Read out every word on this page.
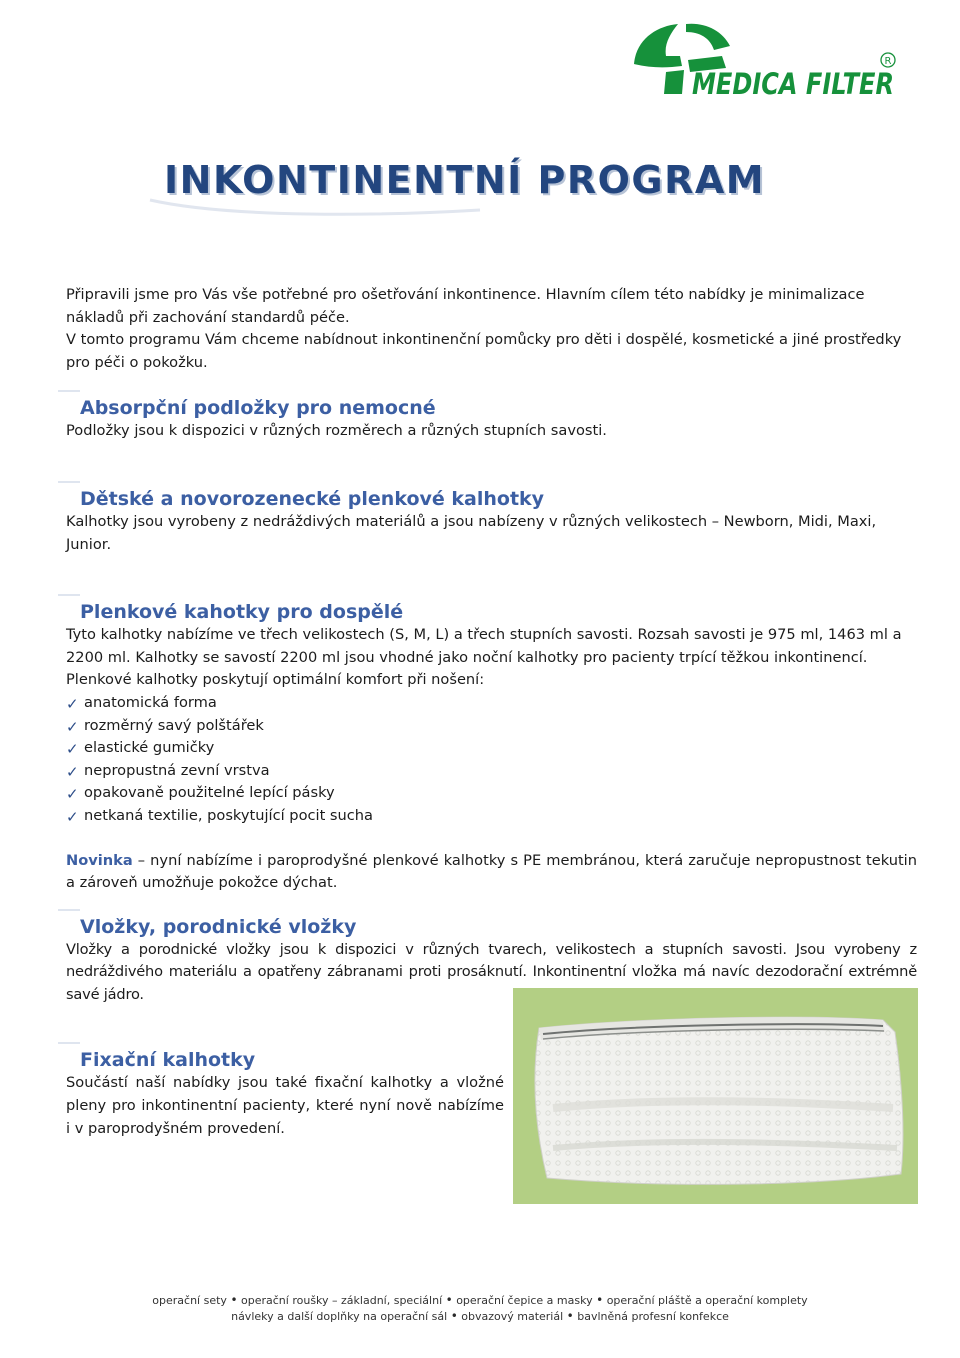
MEDICA FILTER
R
INKONTINENTNÍ PROGRAM

Připravili jsme pro Vás vše potřebné pro ošetřování inkontinence. Hlavním cílem této nabídky je minimalizace nákladů při zachování standardů péče.

V tomto programu Vám chceme nabídnout inkontinenční pomůcky pro děti i dospělé, kosmetické a jiné prostředky pro péči o pokožku.

Absorpční podložky pro nemocné

Podložky jsou k dispozici v různých rozměrech a různých stupních savosti.

Dětské a novorozenecké plenkové kalhotky

Kalhotky jsou vyrobeny z nedráždivých materiálů a jsou nabízeny v různých velikostech – Newborn, Midi, Maxi, Junior.

Plenkové kahotky pro dospělé

Tyto kalhotky nabízíme ve třech velikostech (S, M, L) a třech stupních savosti. Rozsah savosti je 975 ml, 1463 ml a 2200 ml. Kalhotky se savostí 2200 ml jsou vhodné jako noční kalhotky pro pacienty trpící těžkou inkontinencí.

Plenkové kalhotky poskytují optimální komfort při nošení:

✓ anatomická forma
✓ rozměrný savý polštářek
✓ elastické gumičky
✓ nepropustná zevní vrstva
✓ opakovaně použitelné lepící pásky
✓ netkaná textilie, poskytující pocit sucha

Novinka – nyní nabízíme i paroprodyšné plenkové kalhotky s PE membránou, která zaručuje nepropustnost tekutin a zároveň umožňuje pokožce dýchat.

Vložky, porodnické vložky

Vložky a porodnické vložky jsou k dispozici v různých tvarech, velikostech a stupních savosti. Jsou vyrobeny z nedráždivého materiálu a opatřeny zábranami proti prosáknutí. Inkontinentní vložka má navíc dezodorační extrémně savé jádro.

Fixační kalhotky

Součástí naší nabídky jsou také fixační kalhotky a vložné pleny pro inkontinentní pacienty, které nyní nově nabízíme i v paroprodyšném provedení.

operační sety • operační roušky – základní, speciální • operační čepice a masky • operační pláště a operační komplety
návleky a další doplňky na operační sál • obvazový materiál • bavlněná profesní konfekce
